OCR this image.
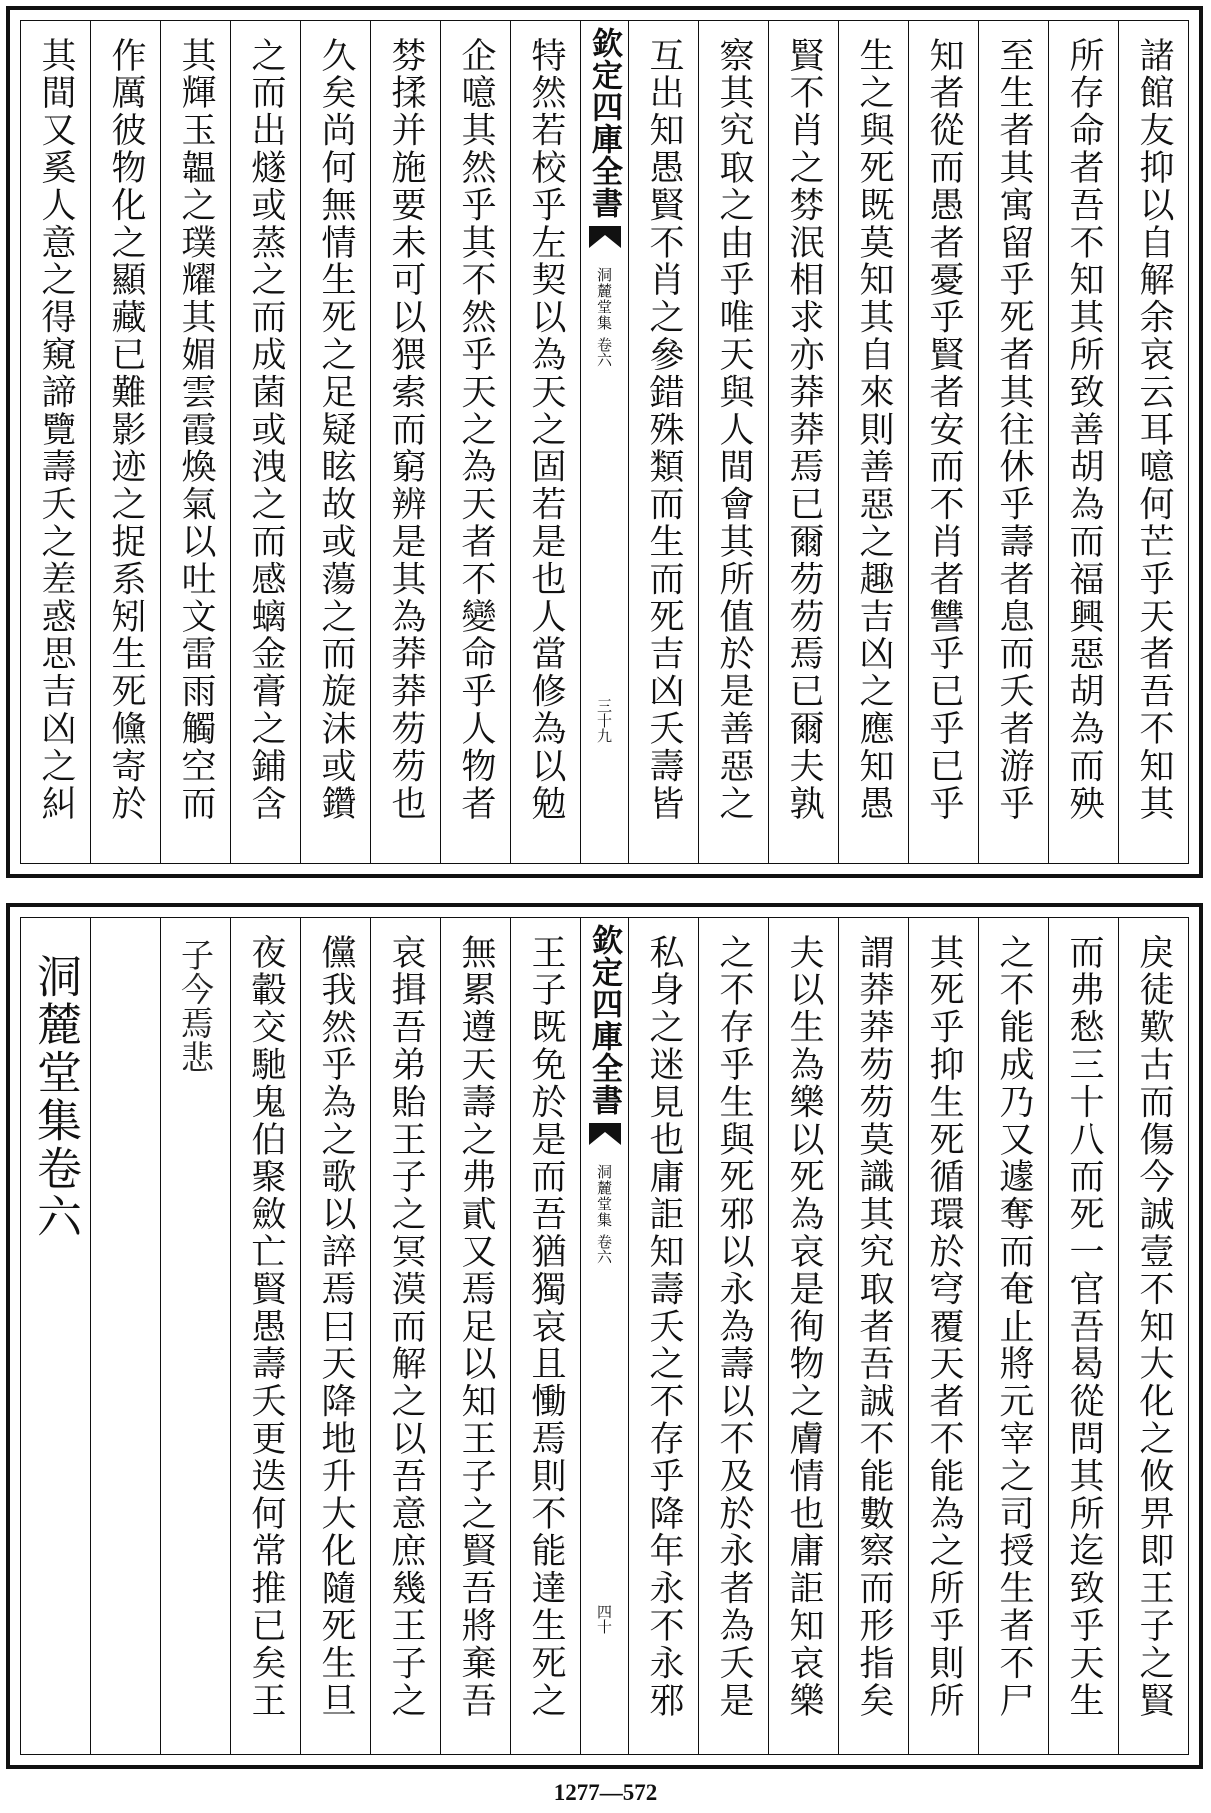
諸館友抑以自解余哀云耳噫何芒乎天者吾不知其
所存命者吾不知其所致善胡為而福興惡胡為而殃
至生者其寓留乎死者其往休乎壽者息而夭者游乎
知者從而愚者憂乎賢者安而不肖者讐乎已乎已乎
生之與死既莫知其自來則善惡之趣吉凶之應知愚
賢不肖之棼泯相求亦莽莽焉已爾芴芴焉已爾夫孰
察其究取之由乎唯天與人間會其所值於是善惡之
互出知愚賢不肖之參錯殊類而生而死吉凶夭壽皆
欽定四庫全書
洞麓堂集
卷六
三十九
特然若校乎左契以為天之固若是也人當修為以勉
企噫其然乎其不然乎天之為天者不變命乎人物者
棼揉并施要未可以猥索而窮辨是其為莽莽芴芴也
久矣尚何無情生死之足疑眩故或蕩之而旋沫或鑽
之而出燧或蒸之而成菌或洩之而感螭金膏之鋪含
其輝玉韞之璞耀其媚雲霞煥氣以吐文雷雨觸空而
作厲彼物化之顯藏已難影迹之捉系矧生死儵寄於
其間又奚人意之得窺諦覽壽夭之差惑思吉凶之糾
戾徒歎古而傷今誠壹不知大化之攸畀即王子之賢
而弗愁三十八而死一官吾曷從問其所迄致乎天生
之不能成乃又遽奪而奄止將元宰之司授生者不尸
其死乎抑生死循環於穹覆天者不能為之所乎則所
謂莽莽芴芴莫識其究取者吾誠不能數察而形指矣
夫以生為樂以死為哀是徇物之膚情也庸詎知哀樂
之不存乎生與死邪以永為壽以不及於永者為夭是
私身之迷見也庸詎知壽夭之不存乎降年永不永邪
欽定四庫全書
洞麓堂集
卷六
四十
王子既免於是而吾猶獨哀且慟焉則不能達生死之
無累遵天壽之弗貳又焉足以知王子之賢吾將棄吾
哀揖吾弟貽王子之冥漠而解之以吾意庶幾王子之
儻我然乎為之歌以誶焉曰天降地升大化隨死生旦
夜轂交馳鬼伯聚斂亡賢愚壽夭更迭何常推已矣王
子今焉悲
洞麓堂集卷六
1277—572
